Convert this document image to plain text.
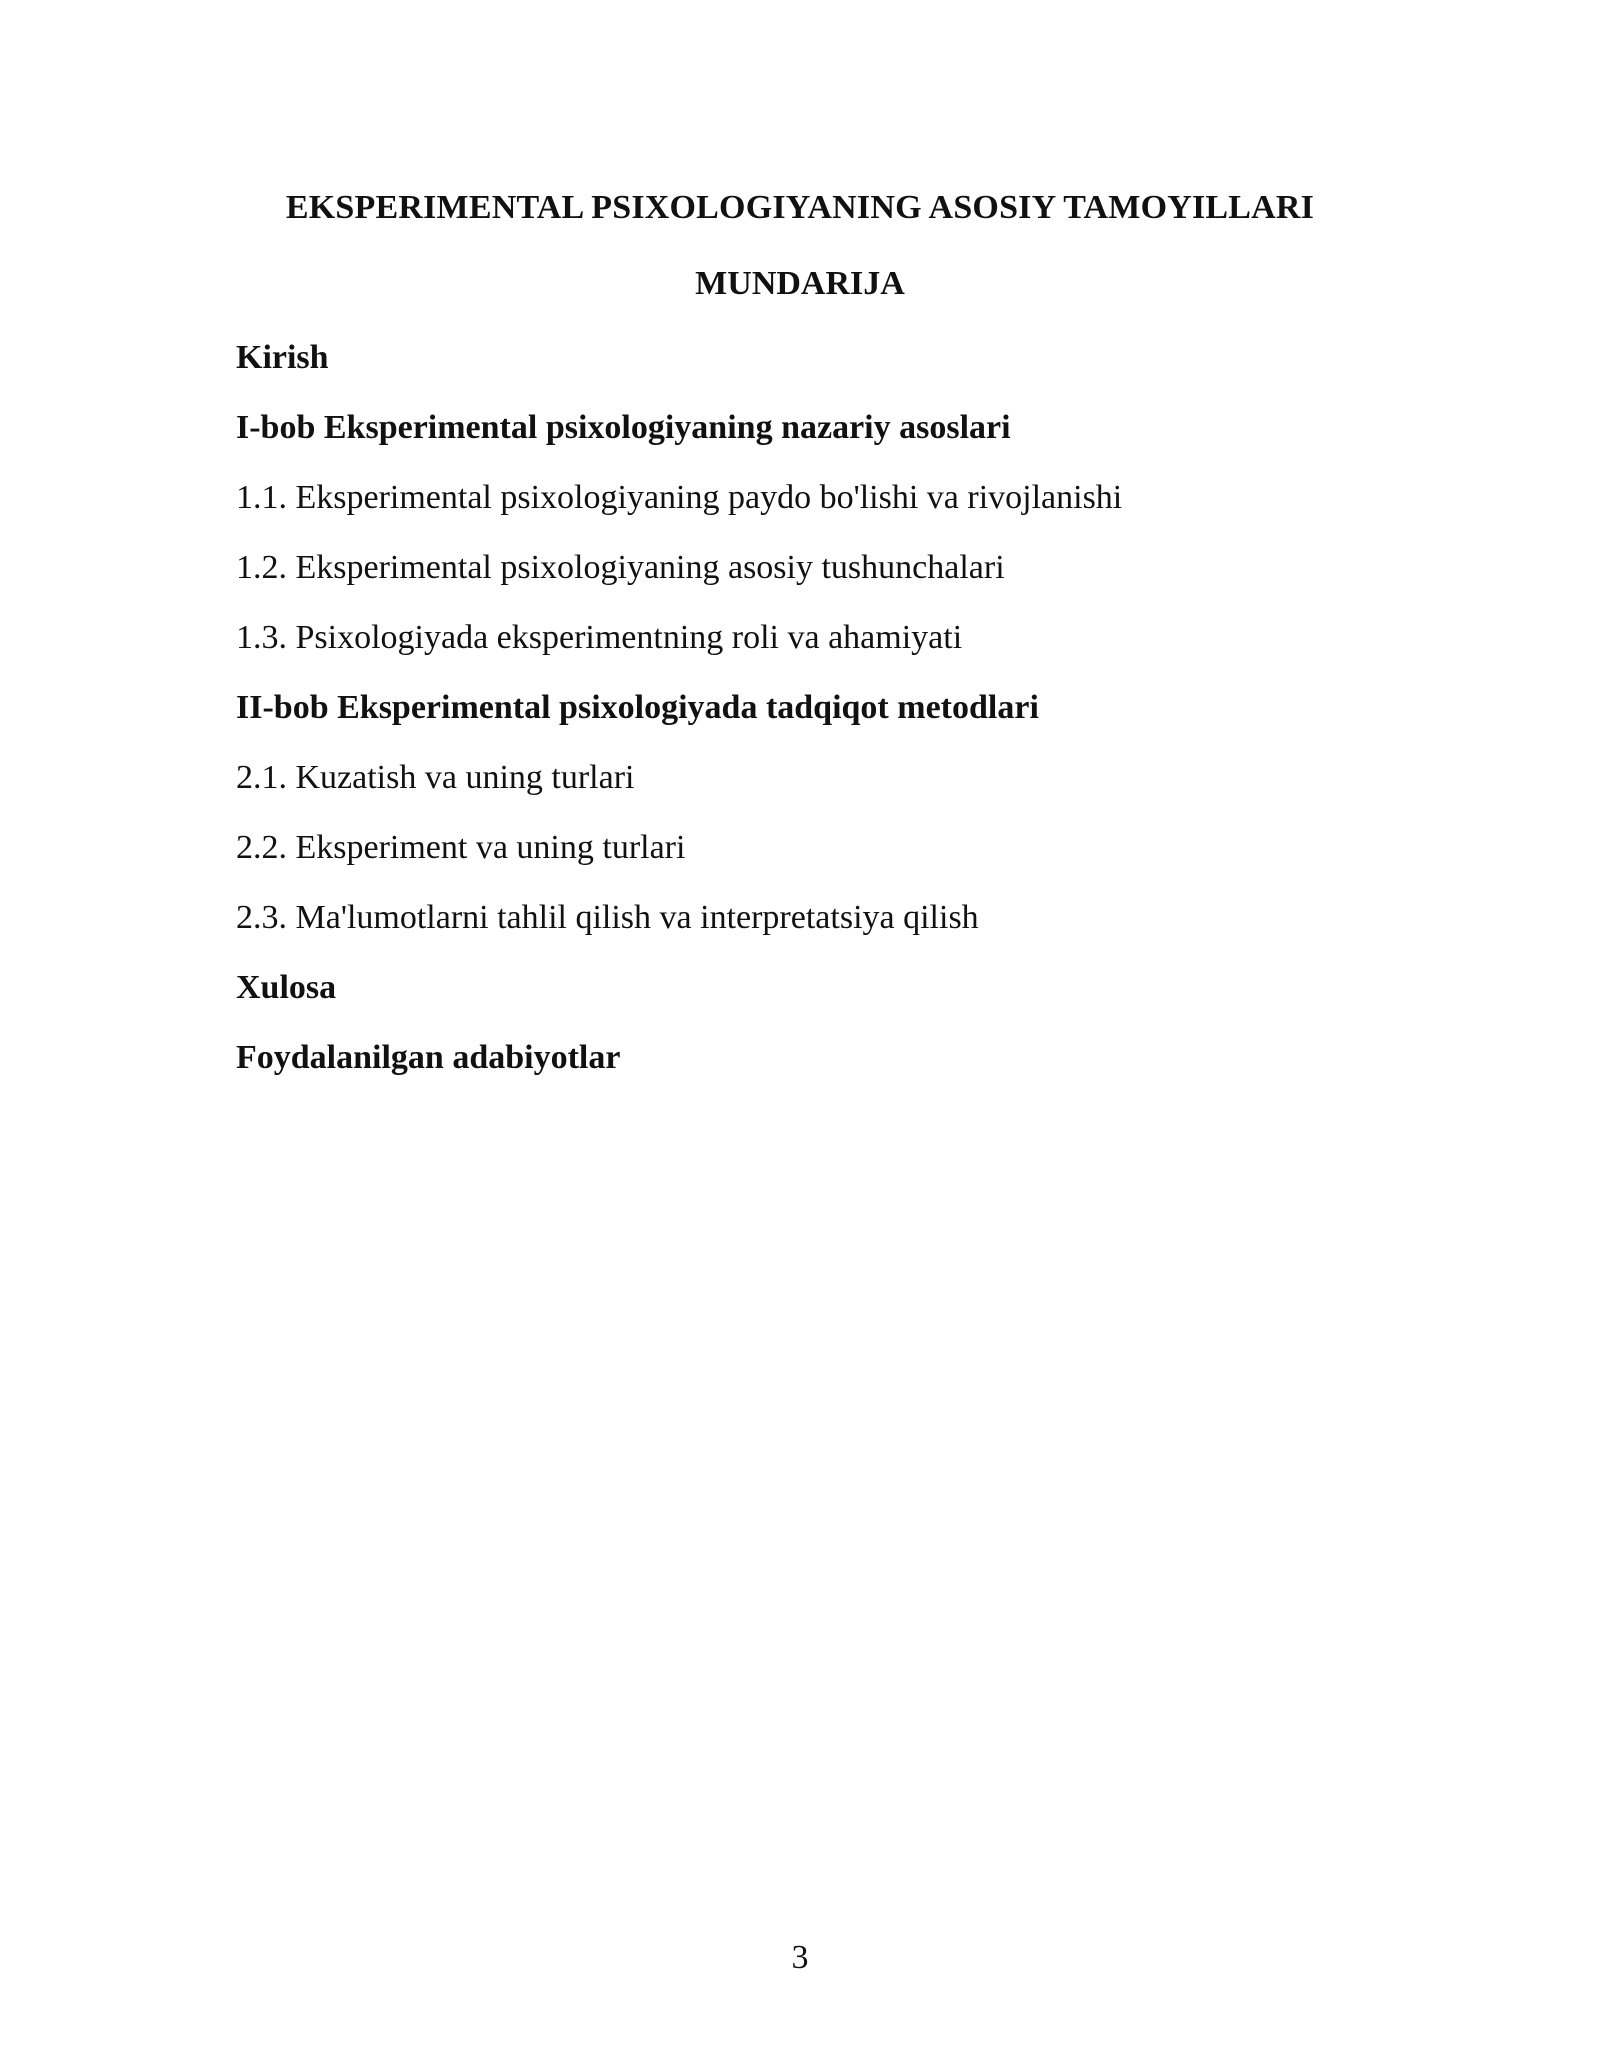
EKSPERIMENTAL PSIXOLOGIYANING ASOSIY TAMOYILLARI
MUNDARIJA
Kirish
I-bob Eksperimental psixologiyaning nazariy asoslari
1.1. Eksperimental psixologiyaning paydo bo'lishi va rivojlanishi
1.2. Eksperimental psixologiyaning asosiy tushunchalari
1.3. Psixologiyada eksperimentning roli va ahamiyati
II-bob Eksperimental psixologiyada tadqiqot metodlari
2.1. Kuzatish va uning turlari
2.2. Eksperiment va uning turlari
2.3. Ma'lumotlarni tahlil qilish va interpretatsiya qilish
Xulosa
Foydalanilgan adabiyotlar
3
